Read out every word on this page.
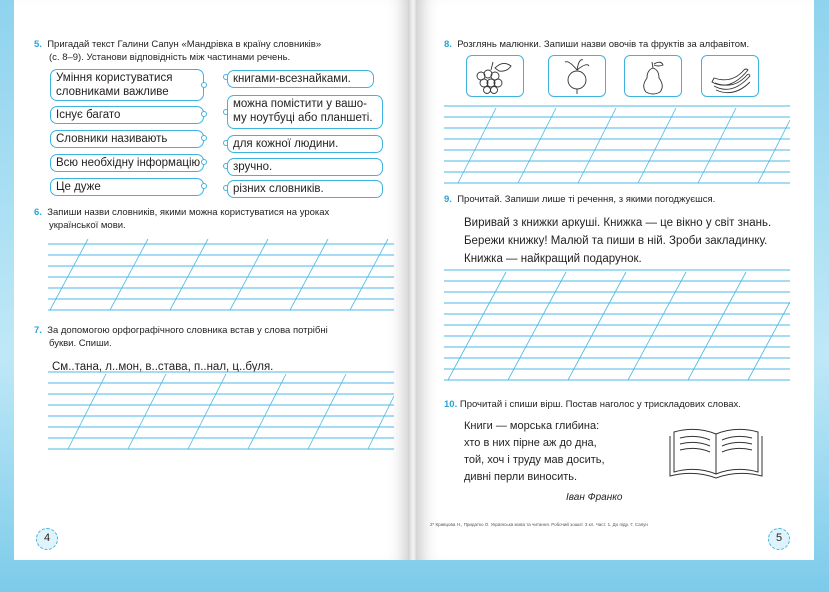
5. Пригадай текст Галини Сапун «Мандрівка в країну словників»
(с. 8–9). Установи відповідність між частинами речень.
Уміння користуватися
словниками важливе
Існує багато
Словники називають
Всю необхідну інформацію
Це дуже
книгами-всезнайками.
можна помістити у вашо-
му ноутбуці або планшеті.
для кожної людини.
зручно.
різних словників.
6. Запиши назви словників, якими можна користуватися на уроках
української мови.
7. За допомогою орфографічного словника встав у слова потрібні
букви. Спиши.
См..тана, л..мон, в..става, п..нал, ц..буля.
4
8. Розглянь малюнки. Запиши назви овочів та фруктів за алфавітом.
9. Прочитай. Запиши лише ті речення, з якими погоджуєшся.
Виривай з книжки аркуші. Книжка — це вікно у світ знань.
Бережи книжку! Малюй та пиши в ній. Зроби закладинку.
Книжка — найкращий подарунок.
10. Прочитай і спиши вірш. Постав наголос у трискладових словах.
Книги — морська глибина:
хто в них пірне аж до дна,
той, хоч і труду мав досить,
дивні перли виносить.
Іван Франко
2* Кравцова Н., Придатко О. Українська мова та читання. Робочий зошит. 3 кл. Част. 1. До підр. Г. Сапун
5
